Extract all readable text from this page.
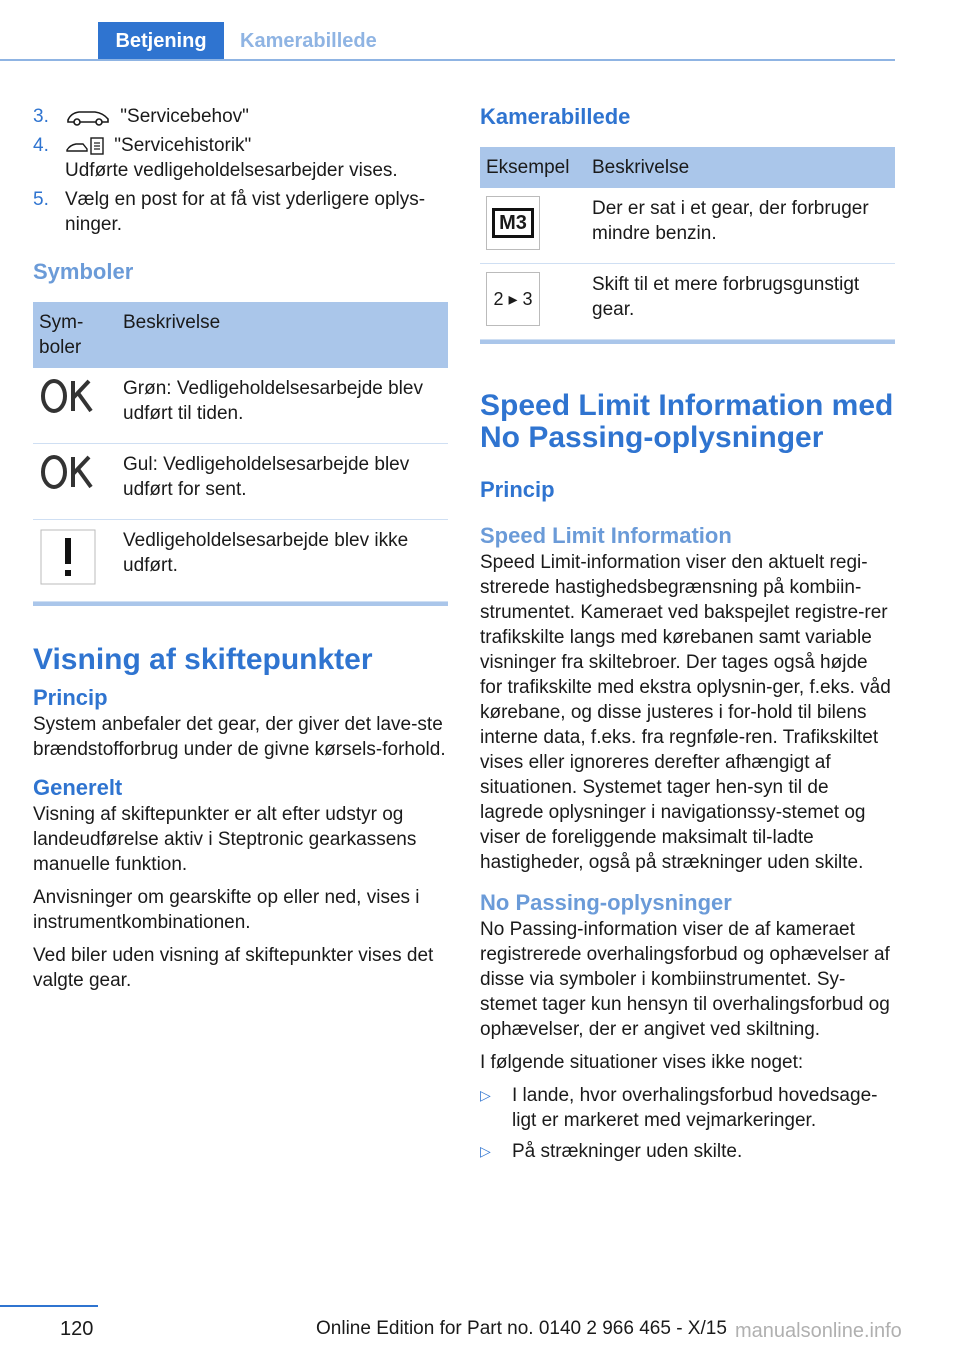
Betjening	Kamerabillede
3.	"Servicebehov"
4.	"Servicehistorik"
Udførte vedligeholdelsesarbejder vises.
5. Vælg en post for at få vist yderligere oplys-ninger.
Symboler
Sym-boler	Beskrivelse
	Grøn: Vedligeholdelsesarbejde blev udført til tiden.
	Gul: Vedligeholdelsesarbejde blev udført for sent.
	Vedligeholdelsesarbejde blev ikke udført.
Visning af skiftepunkter
Princip

System anbefaler det gear, der giver det lave-ste brændstofforbrug under de givne kørsels-forhold.

Generelt

Visning af skiftepunkter er alt efter udstyr og landeudførelse aktiv i Steptronic gearkassens manuelle funktion.

Anvisninger om gearskifte op eller ned, vises i instrumentkombinationen.

Ved biler uden visning af skiftepunkter vises det valgte gear.

Kamerabillede
Eksempel	Beskrivelse

M3	Der er sat i et gear, der forbruger mindre benzin.

2 ▸ 3	Skift til et mere forbrugsgunstigt gear.
Speed Limit Information med No Passing-oplysninger
Princip
Speed Limit Information

Speed Limit-information viser den aktuelt regi-strerede hastighedsbegrænsning på kombiin-strumentet. Kameraet ved bakspejlet registre-rer trafikskilte langs med kørebanen samt variable visninger fra skiltebroer. Der tages også højde for trafikskilte med ekstra oplysnin-ger, f.eks. våd kørebane, og disse justeres i for-hold til bilens interne data, f.eks. fra regnføle-ren. Trafikskiltet vises eller ignoreres derefter afhængigt af situationen. Systemet tager hen-syn til de lagrede oplysninger i navigationssy-stemet og viser de foreliggende maksimalt til-ladte hastigheder, også på strækninger uden skilte.

No Passing-oplysninger

No Passing-information viser de af kameraet registrerede overhalingsforbud og ophævelser af disse via symboler i kombiinstrumentet. Sy-stemet tager kun hensyn til overhalingsforbud og ophævelser, der er angivet ved skiltning.

I følgende situationer vises ikke noget:

▷	I lande, hvor overhalingsforbud hovedsage-ligt er markeret med vejmarkeringer.
▷	På strækninger uden skilte.
120	Online Edition for Part no. 0140 2 966 465 - X/15 manualsonline.info
